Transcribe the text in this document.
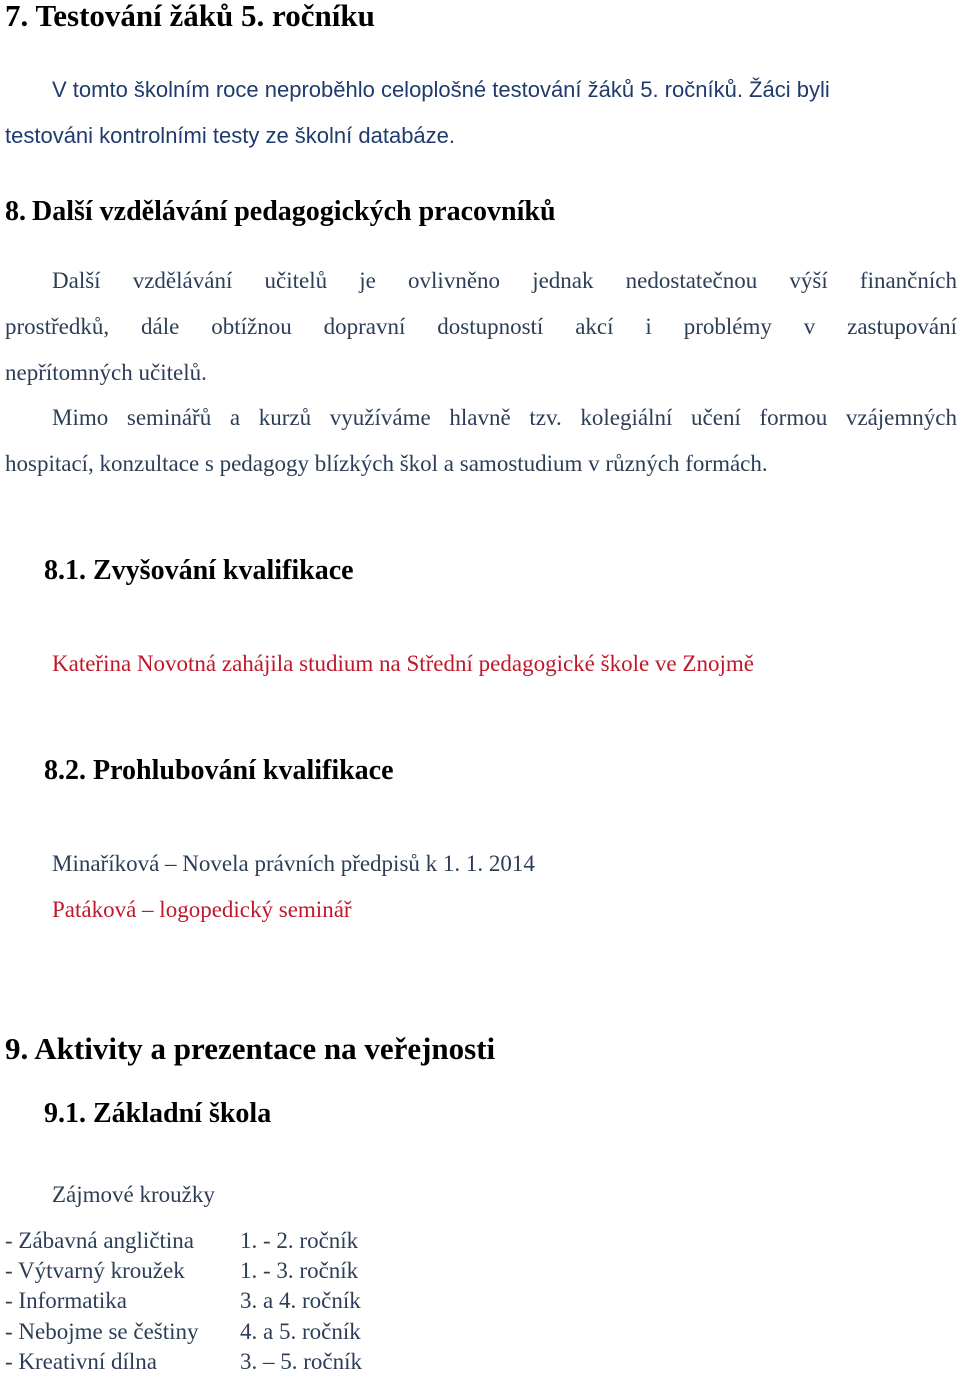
7. Testování žáků 5. ročníku
V tomto školním roce neproběhlo celoplošné testování žáků 5. ročníků. Žáci byli
testováni kontrolními testy ze školní databáze.
8. Další vzdělávání pedagogických pracovníků
Další vzdělávání učitelů je ovlivněno jednak nedostatečnou výší finančních
prostředků, dále obtížnou dopravní dostupností akcí i problémy v zastupování
nepřítomných učitelů.
Mimo seminářů a kurzů využíváme hlavně tzv. kolegiální učení formou vzájemných
hospitací, konzultace s pedagogy blízkých škol a samostudium v různých formách.
8.1. Zvyšování kvalifikace
Kateřina Novotná zahájila studium na Střední pedagogické škole ve Znojmě
8.2. Prohlubování kvalifikace
Minaříková – Novela právních předpisů k 1. 1. 2014
Patáková – logopedický seminář
9. Aktivity a prezentace na veřejnosti
9.1. Základní škola
Zájmové kroužky
- Zábavná angličtina 1. - 2. ročník
- Výtvarný kroužek 1. - 3. ročník
- Informatika	3. a 4. ročník
- Nebojme se češtiny 4. a 5. ročník
- Kreativní dílna	3. – 5. ročník
